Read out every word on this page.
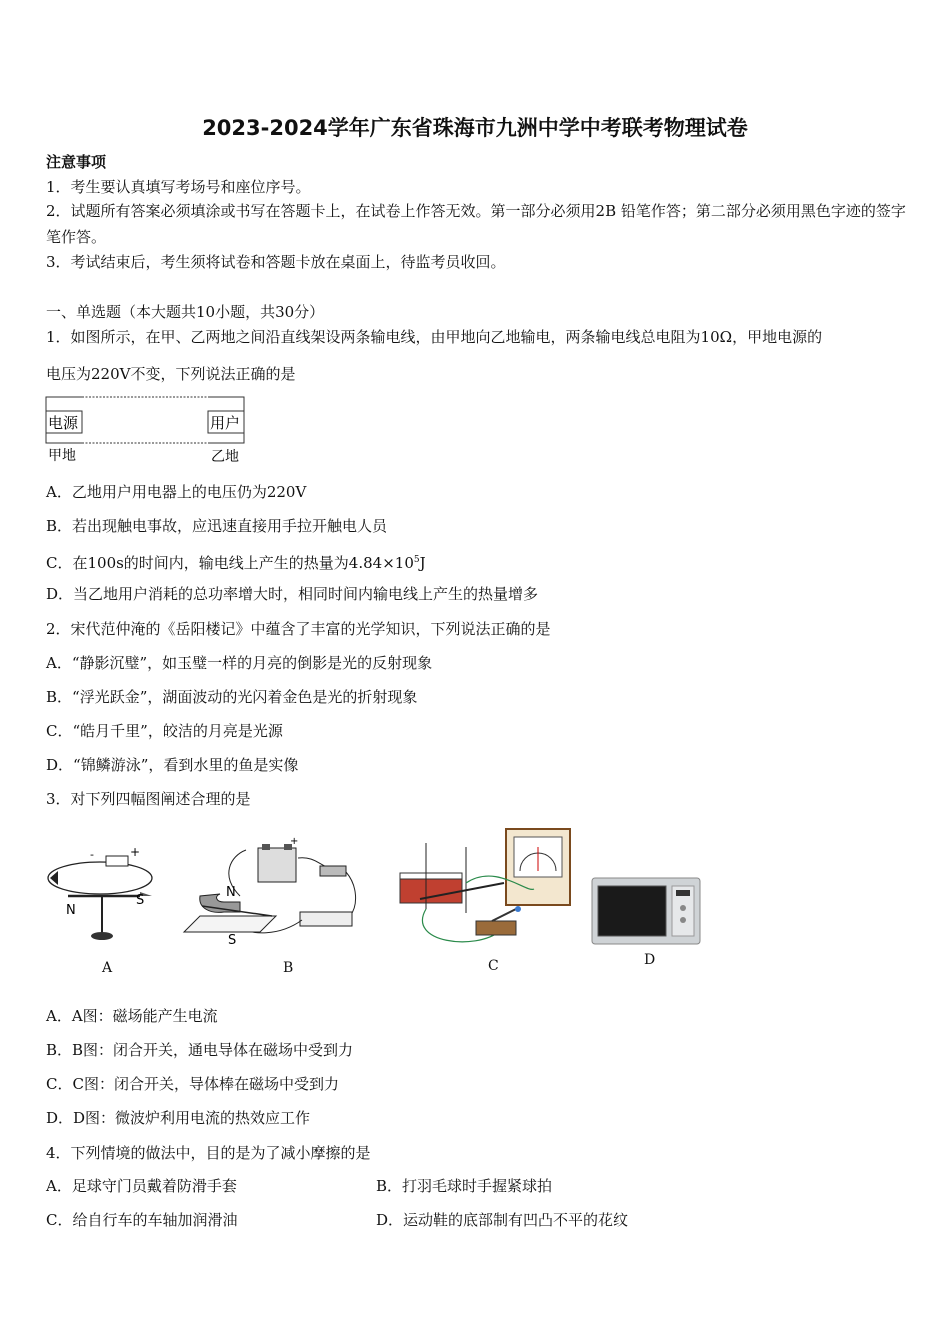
2023-2024学年广东省珠海市九洲中学中考联考物理试卷
注意事项
1．考生要认真填写考场号和座位序号。
2．试题所有答案必须填涂或书写在答题卡上，在试卷上作答无效。第一部分必须用2B 铅笔作答；第二部分必须用黑色字迹的签字笔作答。
3．考试结束后，考生须将试卷和答题卡放在桌面上，待监考员收回。
一、单选题（本大题共10小题，共30分）
1．如图所示，在甲、乙两地之间沿直线架设两条输电线，由甲地向乙地输电，两条输电线总电阻为10Ω，甲地电源的
电压为220V不变，下列说法正确的是
电源	用户
甲地	乙地
A．乙地用户用电器上的电压仍为220V
B．若出现触电事故，应迅速直接用手拉开触电人员
C．在100s的时间内，输电线上产生的热量为$4.84\times 10^5J$
D．当乙地用户消耗的总功率增大时，相同时间内输电线上产生的热量增多
2．宋代范仲淹的《岳阳楼记》中蕴含了丰富的光学知识，下列说法正确的是
A．“静影沉璧”，如玉璧一样的月亮的倒影是光的反射现象
B．“浮光跃金”，湖面波动的光闪着金色是光的折射现象
C．“皓月千里”，皎洁的月亮是光源
D．“锦鳞游泳”，看到水里的鱼是实像
3．对下列四幅图阐述合理的是
-	+
N
S
+
N
S
A	B	C	D
A．A图：磁场能产生电流
B．B图：闭合开关，通电导体在磁场中受到力
C．C图：闭合开关，导体棒在磁场中受到力
D．D图：微波炉利用电流的热效应工作
4．下列情境的做法中，目的是为了减小摩擦的是
A．足球守门员戴着防滑手套	B．打羽毛球时手握紧球拍
C．给自行车的车轴加润滑油	D．运动鞋的底部制有凹凸不平的花纹
